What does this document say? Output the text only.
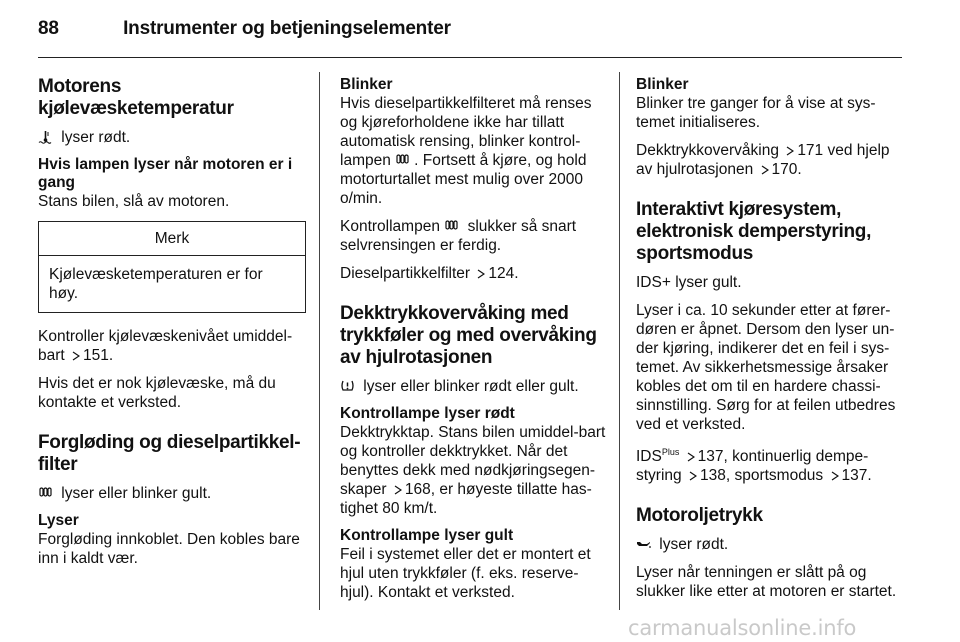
88	Instrumenter og betjeningselementer
Motorens kjølevæsketemperatur

lyser rødt.

Hvis lampen lyser når motoren er i gang

Stans bilen, slå av motoren.

Merk
Kjølevæsketemperaturen er for høy.

Kontroller kjølevæskenivået umiddel-bart 151.

Hvis det er nok kjølevæske, må du kontakte et verksted.

Forgløding og dieselpartikkel-filter

lyser eller blinker gult.

Lyser

Forgløding innkoblet. Den kobles bare inn i kaldt vær.

Blinker

Hvis dieselpartikkelfilteret må renses og kjøreforholdene ikke har tillatt automatisk rensing, blinker kontrol-lampen . Fortsett å kjøre, og hold motorturtallet mest mulig over 2000 o/min.

Kontrollampen
slukker så snart selvrensingen er ferdig.

Dieselpartikkelfilter 124.

Dekktrykkovervåking med trykkføler og med overvåking av hjulrotasjonen

lyser eller blinker rødt eller gult.

Kontrollampe lyser rødt

Dekktrykktap. Stans bilen umiddel-bart og kontroller dekktrykket. Når det benyttes dekk med nødkjøringsegen-skaper 168, er høyeste tillatte has-tighet 80 km/t.

Kontrollampe lyser gult

Feil i systemet eller det er montert et hjul uten trykkføler (f. eks. reserve-hjul). Kontakt et verksted.

Blinker

Blinker tre ganger for å vise at sys-temet initialiseres.

Dekktrykkovervåking 171 ved hjelp av hjulrotasjonen 170.

Interaktivt kjøresystem, elektronisk demperstyring, sportsmodus

IDS+ lyser gult.

Lyser i ca. 10 sekunder etter at fører-døren er åpnet. Dersom den lyser un-der kjøring, indikerer det en feil i sys-temet. Av sikkerhetsmessige årsaker kobles det om til en hardere chassi-sinnstilling. Sørg for at feilen utbedres ved et verksted.

$IDS^{Plus}$ 137, kontinuerlig dempe-styring 138, sportsmodus 137.

Motoroljetrykk

lyser rødt.

Lyser når tenningen er slått på og slukker like etter at motoren er startet.

carmanualsonline.info
